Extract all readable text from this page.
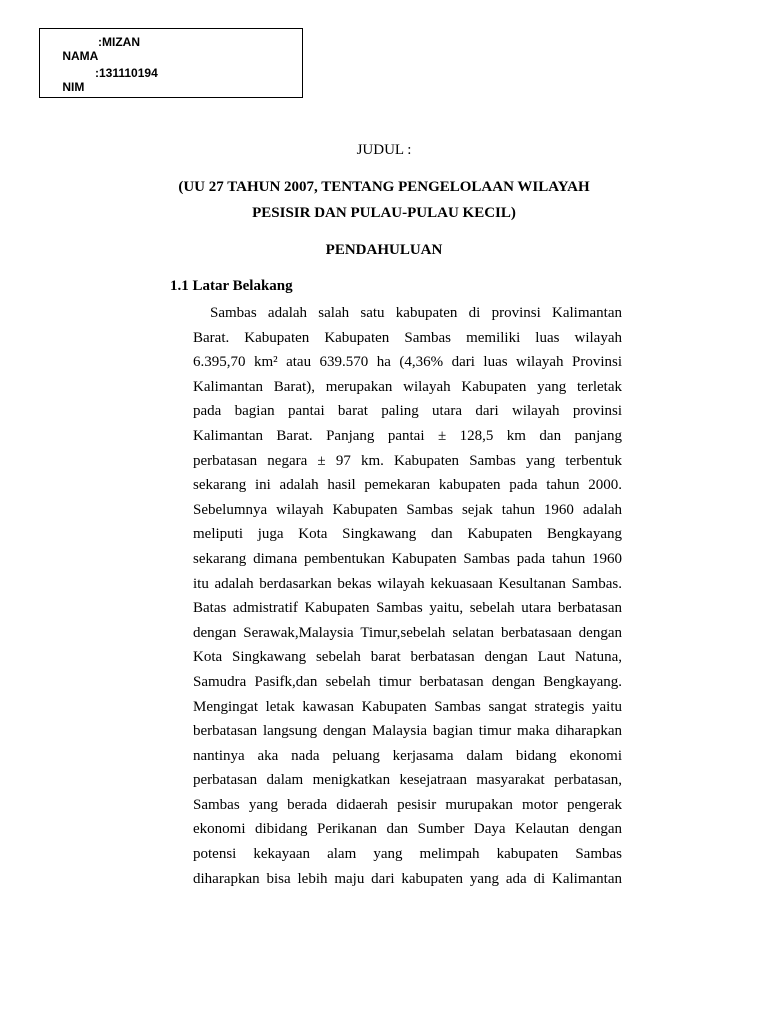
NAMA

:MIZAN

NIM

:131110194

JUDUL :
(UU 27 TAHUN 2007, TENTANG PENGELOLAAN WILAYAH
PESISIR DAN PULAU-PULAU KECIL)
PENDAHULUAN
1.1 Latar Belakang
Sambas adalah salah satu kabupaten di provinsi Kalimantan
Barat. Kabupaten Kabupaten Sambas memiliki luas wilayah
6.395,70 km² atau 639.570 ha (4,36% dari luas wilayah Provinsi
Kalimantan Barat), merupakan wilayah Kabupaten yang terletak
pada bagian pantai barat paling utara dari wilayah provinsi
Kalimantan Barat. Panjang pantai ± 128,5 km dan panjang
perbatasan negara ± 97 km. Kabupaten Sambas yang terbentuk
sekarang ini adalah hasil pemekaran kabupaten pada tahun 2000.
Sebelumnya wilayah Kabupaten Sambas sejak tahun 1960 adalah
meliputi juga Kota Singkawang dan Kabupaten Bengkayang
sekarang dimana pembentukan Kabupaten Sambas pada tahun 1960
itu adalah berdasarkan bekas wilayah kekuasaan Kesultanan Sambas.
Batas admistratif Kabupaten Sambas yaitu, sebelah utara berbatasan
dengan Serawak,Malaysia Timur,sebelah selatan berbatasaan dengan
Kota Singkawang sebelah barat berbatasan dengan Laut Natuna,
Samudra Pasifk,dan sebelah timur berbatasan dengan Bengkayang.
Mengingat letak kawasan Kabupaten Sambas sangat strategis yaitu
berbatasan langsung dengan Malaysia bagian timur maka diharapkan
nantinya aka nada peluang kerjasama dalam bidang ekonomi
perbatasan dalam menigkatkan kesejatraan masyarakat perbatasan,
Sambas yang berada didaerah pesisir murupakan motor pengerak
ekonomi dibidang Perikanan dan Sumber Daya Kelautan dengan
potensi kekayaan alam yang melimpah kabupaten Sambas
diharapkan bisa lebih maju dari kabupaten yang ada di Kalimantan
